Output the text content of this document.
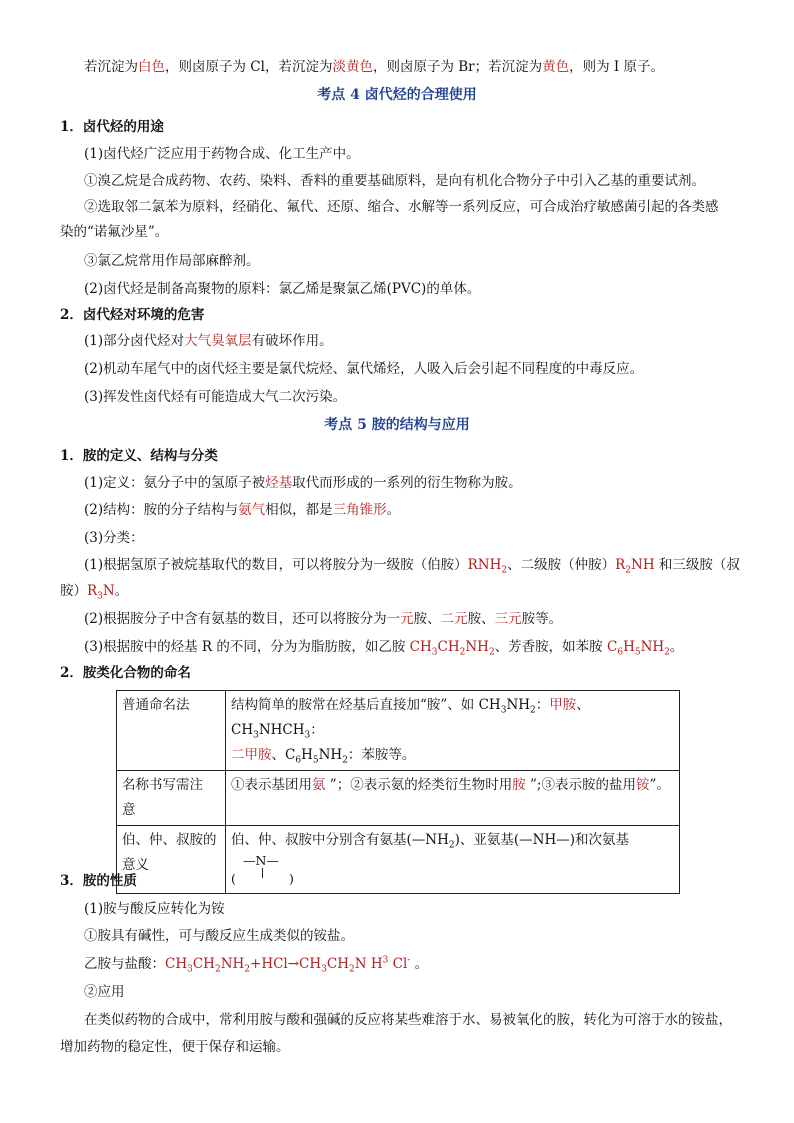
若沉淀为白色，则卤原子为 Cl，若沉淀为淡黄色，则卤原子为 Br；若沉淀为黄色，则为 I 原子。
考点 4 卤代烃的合理使用
1．卤代烃的用途
(1)卤代烃广泛应用于药物合成、化工生产中。
①溴乙烷是合成药物、农药、染料、香料的重要基础原料，是向有机化合物分子中引入乙基的重要试剂。
②选取邻二氯苯为原料，经硝化、氟代、还原、缩合、水解等一系列反应，可合成治疗敏感菌引起的各类感
染的“诺氟沙星”。
③氯乙烷常用作局部麻醉剂。
(2)卤代烃是制备高聚物的原料：氯乙烯是聚氯乙烯(PVC)的单体。
2．卤代烃对环境的危害
(1)部分卤代烃对大气臭氧层有破坏作用。
(2)机动车尾气中的卤代烃主要是氯代烷烃、氯代烯烃，人吸入后会引起不同程度的中毒反应。
(3)挥发性卤代烃有可能造成大气二次污染。
考点 5 胺的结构与应用
1．胺的定义、结构与分类
(1)定义：氨分子中的氢原子被烃基取代而形成的一系列的衍生物称为胺。
(2)结构：胺的分子结构与氨气相似，都是三角锥形。
(3)分类：
(1)根据氢原子被烷基取代的数目，可以将胺分为一级胺（伯胺）$RNH_2$、二级胺（仲胺）$R_2NH$ 和三级胺（叔
胺）$R_3N$。
(2)根据胺分子中含有氨基的数目，还可以将胺分为一元胺、二元胺、三元胺等。
(3)根据胺中的烃基 R 的不同，分为为脂肪胺，如乙胺 $CH_3CH_2NH_2$、芳香胺，如苯胺 $C_6H_5NH_2$。
2．胺类化合物的命名
普通命名法	结构简单的胺常在烃基后直接加“胺”、如 $CH_3NH_2$：甲胺、$CH_3NHCH_3$：
二甲胺、$C_6H_5NH_2$：苯胺等。
名称书写需注
意	①表示基团用氨 ”；②表示氨的烃类衍生物时用胺 ”;③表示胺的盐用铵”。
伯、仲、叔胺的
意义	伯、仲、叔胺中分别含有氨基$(—NH_2)$、亚氨基(—NH—)和次氨基
—N—
( )
3．胺的性质
(1)胺与酸反应转化为铵
①胺具有碱性，可与酸反应生成类似的铵盐。
乙胺与盐酸：$CH_3CH_2NH_2+HCl\to CH_3CH_2N$ $H^3$ Cl- 。
②应用
在类似药物的合成中，常利用胺与酸和强碱的反应将某些难溶于水、易被氧化的胺，转化为可溶于水的铵盐，
增加药物的稳定性，便于保存和运输。
